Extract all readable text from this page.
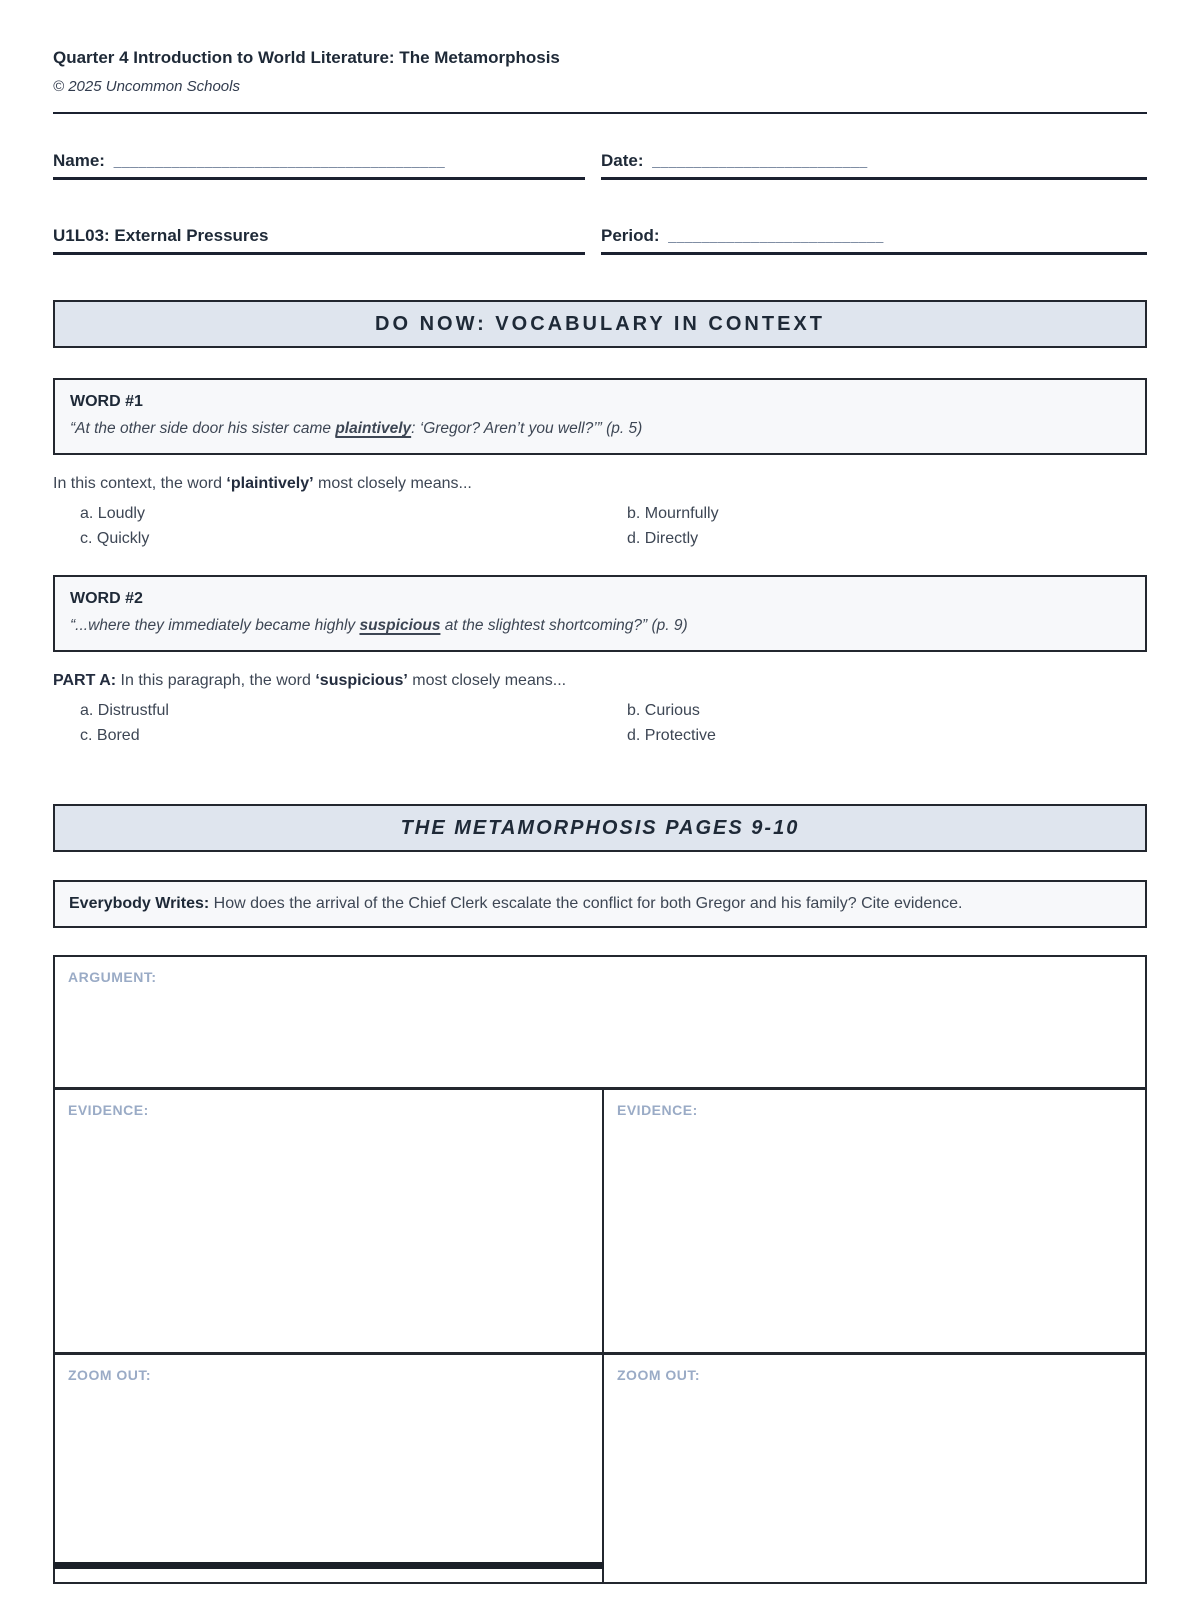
Quarter 4 Introduction to World Literature: The Metamorphosis
© 2025 Uncommon Schools
Name: ________________________________________	Date: __________________________
U1L03: External Pressures	Period: __________________________
DO NOW: VOCABULARY IN CONTEXT
WORD #1
“At the other side door his sister came plaintively: ‘Gregor? Aren’t you well?’” (p. 5)
In this context, the word ‘plaintively’ most closely means...
a. Loudly	b. Mournfully
c. Quickly	d. Directly
WORD #2
“...where they immediately became highly suspicious at the slightest shortcoming?” (p. 9)
PART A: In this paragraph, the word ‘suspicious’ most closely means...
a. Distrustful	b. Curious
c. Bored	d. Protective
THE METAMORPHOSIS PAGES 9-10
Everybody Writes: How does the arrival of the Chief Clerk escalate the conflict for both Gregor and his family? Cite evidence.
ARGUMENT:
EVIDENCE:	EVIDENCE:
ZOOM OUT:	ZOOM OUT:
